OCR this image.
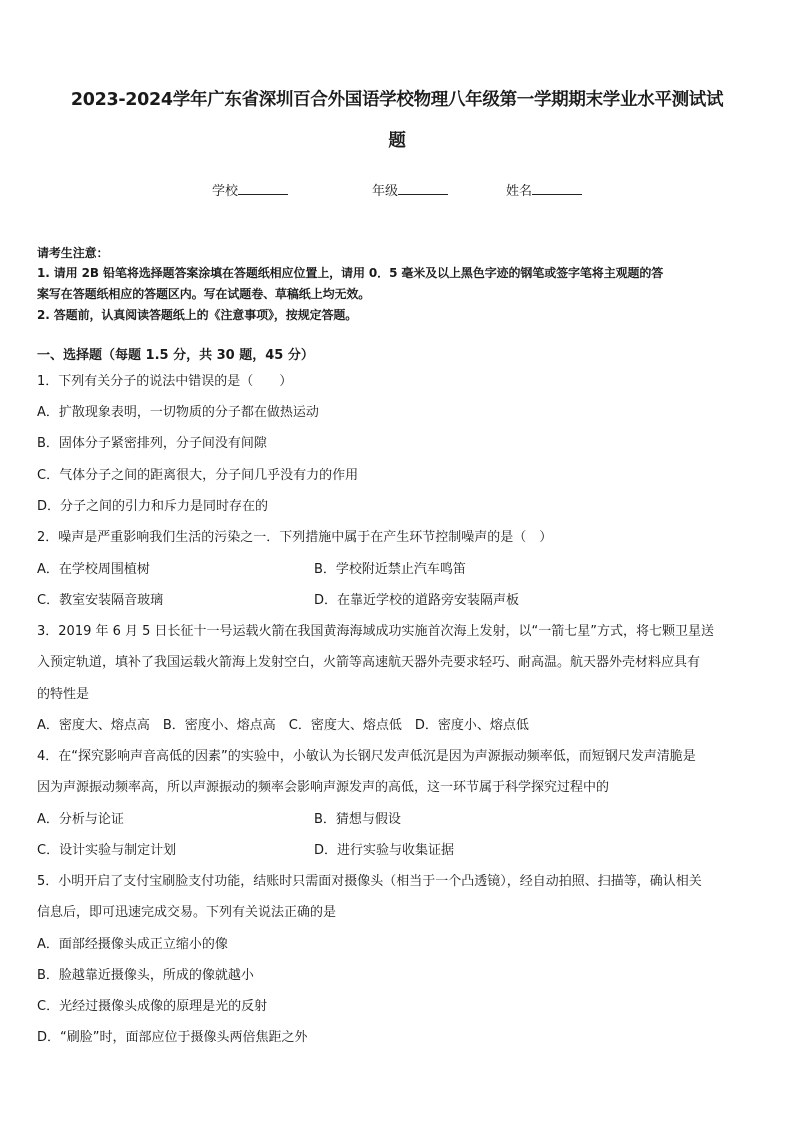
2023-2024学年广东省深圳百合外国语学校物理八年级第一学期期末学业水平测试试
题
学校	年级	姓名
请考生注意：
1. 请用 2B 铅笔将选择题答案涂填在答题纸相应位置上，请用 0．5 毫米及以上黑色字迹的钢笔或签字笔将主观题的答
案写在答题纸相应的答题区内。写在试题卷、草稿纸上均无效。
2. 答题前，认真阅读答题纸上的《注意事项》，按规定答题。
一、选择题（每题 1.5 分，共 30 题，45 分）
1．下列有关分子的说法中错误的是（　　）
A．扩散现象表明，一切物质的分子都在做热运动
B．固体分子紧密排列，分子间没有间隙
C．气体分子之间的距离很大，分子间几乎没有力的作用
D．分子之间的引力和斥力是同时存在的
2．噪声是严重影响我们生活的污染之一．下列措施中属于在产生环节控制噪声的是（　）
A．在学校周围植树	B．学校附近禁止汽车鸣笛
C．教室安装隔音玻璃	D．在靠近学校的道路旁安装隔声板
3．2019 年 6 月 5 日长征十一号运载火箭在我国黄海海域成功实施首次海上发射，以“一箭七星”方式，将七颗卫星送
入预定轨道，填补了我国运载火箭海上发射空白，火箭等高速航天器外壳要求轻巧、耐高温。航天器外壳材料应具有
的特性是
A．密度大、熔点高　B．密度小、熔点高　C．密度大、熔点低　D．密度小、熔点低
4．在“探究影响声音高低的因素”的实验中，小敏认为长钢尺发声低沉是因为声源振动频率低，而短钢尺发声清脆是
因为声源振动频率高，所以声源振动的频率会影响声源发声的高低，这一环节属于科学探究过程中的
A．分析与论证	B．猜想与假设
C．设计实验与制定计划	D．进行实验与收集证据
5．小明开启了支付宝刷脸支付功能，结账时只需面对摄像头（相当于一个凸透镜），经自动拍照、扫描等，确认相关
信息后，即可迅速完成交易。下列有关说法正确的是
A．面部经摄像头成正立缩小的像
B．脸越靠近摄像头，所成的像就越小
C．光经过摄像头成像的原理是光的反射
D．“刷脸”时，面部应位于摄像头两倍焦距之外
